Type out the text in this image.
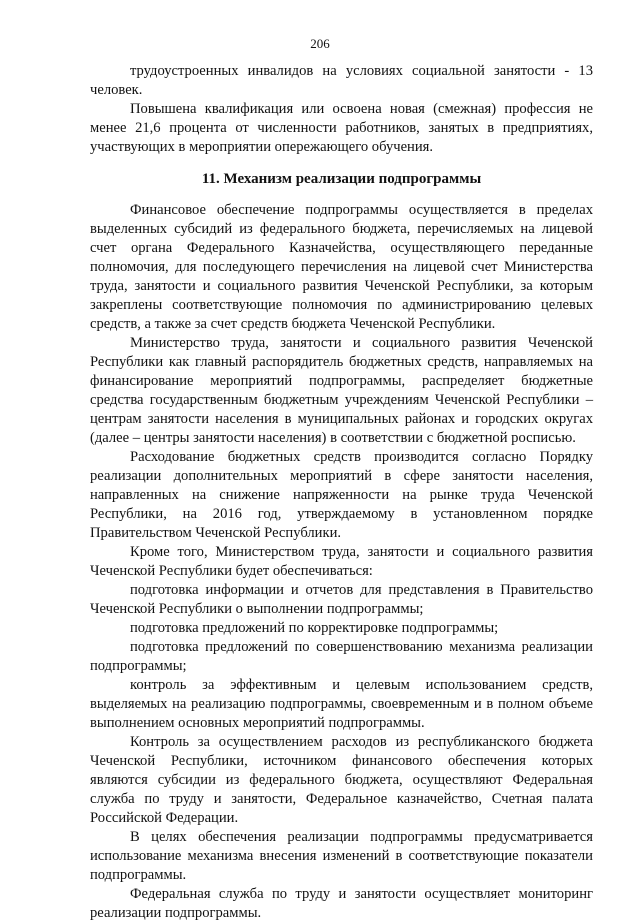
206

трудоустроенных инвалидов на условиях социальной занятости - 13 человек.

Повышена квалификация или освоена новая (смежная) профессия не менее 21,6 процента от численности работников, занятых в предприятиях, участвующих в мероприятии опережающего обучения.

11. Механизм реализации подпрограммы

Финансовое обеспечение подпрограммы осуществляется в пределах выделенных субсидий из федерального бюджета, перечисляемых на лицевой счет органа Федерального Казначейства, осуществляющего переданные полномочия, для последующего перечисления на лицевой счет Министерства труда, занятости и социального развития Чеченской Республики, за которым закреплены соответствующие полномочия по администрированию целевых средств, а также за счет средств бюджета Чеченской Республики.

Министерство труда, занятости и социального развития Чеченской Республики как главный распорядитель бюджетных средств, направляемых на финансирование мероприятий подпрограммы, распределяет бюджетные средства государственным бюджетным учреждениям Чеченской Республики – центрам занятости населения в муниципальных районах и городских округах (далее – центры занятости населения) в соответствии с бюджетной росписью.

Расходование бюджетных средств производится согласно Порядку реализации дополнительных мероприятий в сфере занятости населения, направленных на снижение напряженности на рынке труда Чеченской Республики, на 2016 год, утверждаемому в установленном порядке Правительством Чеченской Республики.

Кроме того, Министерством труда, занятости и социального развития Чеченской Республики будет обеспечиваться:

подготовка информации и отчетов для представления в Правительство Чеченской Республики о выполнении подпрограммы;

подготовка предложений по корректировке подпрограммы;

подготовка предложений по совершенствованию механизма реализации подпрограммы;

контроль за эффективным и целевым использованием средств, выделяемых на реализацию подпрограммы, своевременным и в полном объеме выполнением основных мероприятий подпрограммы.

Контроль за осуществлением расходов из республиканского бюджета Чеченской Республики, источником финансового обеспечения которых являются субсидии из федерального бюджета, осуществляют Федеральная служба по труду и занятости, Федеральное казначейство, Счетная палата Российской Федерации.

В целях обеспечения реализации подпрограммы предусматривается использование механизма внесения изменений в соответствующие показатели подпрограммы.

Федеральная служба по труду и занятости осуществляет мониторинг реализации подпрограммы.
